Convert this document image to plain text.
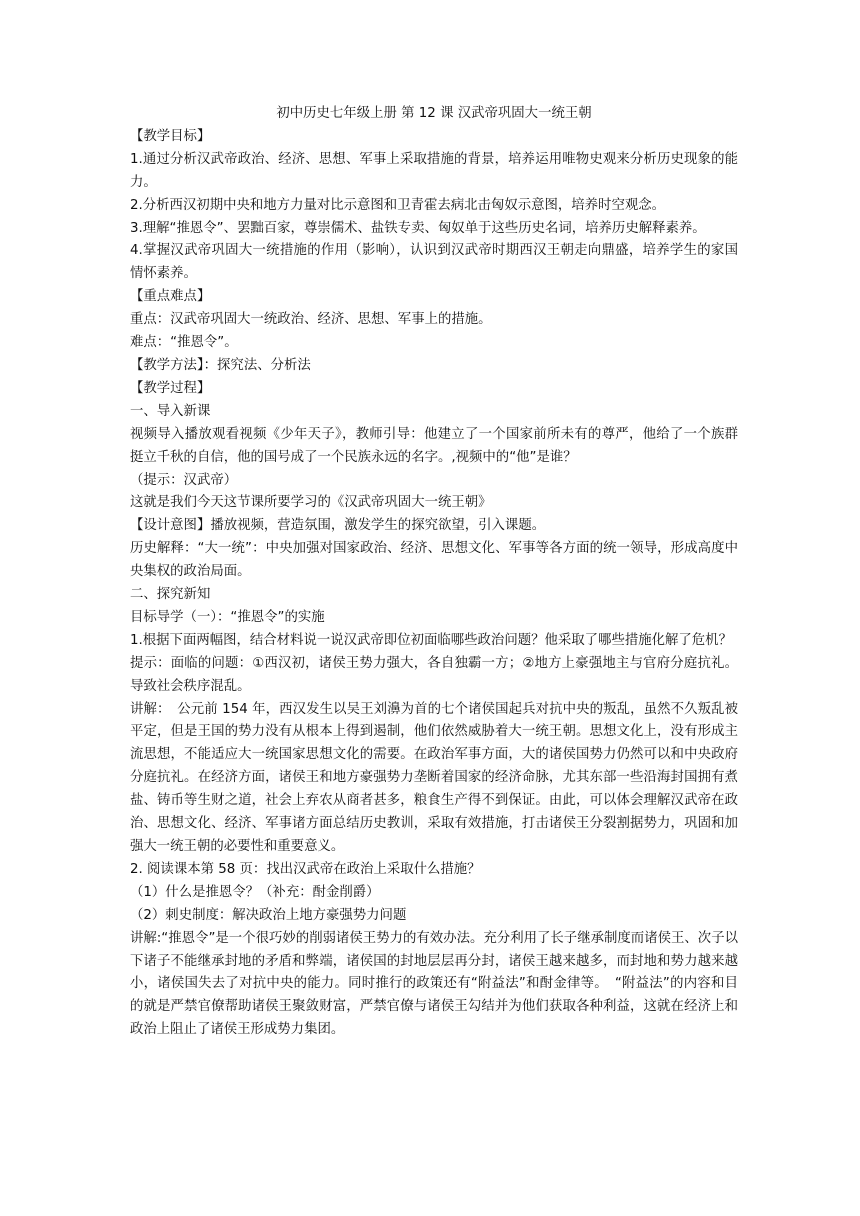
初中历史七年级上册 第 12 课 汉武帝巩固大一统王朝

【教学目标】

1.通过分析汉武帝政治、经济、思想、军事上采取措施的背景，培养运用唯物史观来分析历史现象的能力。

2.分析西汉初期中央和地方力量对比示意图和卫青霍去病北击匈奴示意图，培养时空观念。

3.理解“推恩令”、罢黜百家，尊崇儒术、盐铁专卖、匈奴单于这些历史名词，培养历史解释素养。

4.掌握汉武帝巩固大一统措施的作用（影响），认识到汉武帝时期西汉王朝走向鼎盛，培养学生的家国情怀素养。

【重点难点】

重点：汉武帝巩固大一统政治、经济、思想、军事上的措施。

难点：“推恩令”。

【教学方法】：探究法、分析法

【教学过程】

一、导入新课

视频导入播放观看视频《少年天子》，教师引导：他建立了一个国家前所未有的尊严，他给了一个族群挺立千秋的自信，他的国号成了一个民族永远的名字。,视频中的“他”是谁？

（提示：汉武帝）

这就是我们今天这节课所要学习的《汉武帝巩固大一统王朝》

【设计意图】播放视频，营造氛围，激发学生的探究欲望，引入课题。

历史解释：“大一统”：中央加强对国家政治、经济、思想文化、军事等各方面的统一领导，形成高度中央集权的政治局面。

二、探究新知

目标导学（一）：“推恩令”的实施

1.根据下面两幅图，结合材料说一说汉武帝即位初面临哪些政治问题？他采取了哪些措施化解了危机？

提示：面临的问题：①西汉初，诸侯王势力强大，各自独霸一方；②地方上豪强地主与官府分庭抗礼。导致社会秩序混乱。

讲解：　公元前 154 年，西汉发生以吴王刘濞为首的七个诸侯国起兵对抗中央的叛乱，虽然不久叛乱被平定，但是王国的势力没有从根本上得到遏制，他们依然威胁着大一统王朝。思想文化上，没有形成主流思想，不能适应大一统国家思想文化的需要。在政治军事方面，大的诸侯国势力仍然可以和中央政府分庭抗礼。在经济方面，诸侯王和地方豪强势力垄断着国家的经济命脉，尤其东部一些沿海封国拥有煮盐、铸币等生财之道，社会上弃农从商者甚多，粮食生产得不到保证。由此，可以体会理解汉武帝在政治、思想文化、经济、军事诸方面总结历史教训，采取有效措施，打击诸侯王分裂割据势力，巩固和加强大一统王朝的必要性和重要意义。

2. 阅读课本第 58 页：找出汉武帝在政治上采取什么措施？

（1）什么是推恩令？（补充：酎金削爵）

（2）刺史制度：解决政治上地方豪强势力问题

讲解:“推恩令”是一个很巧妙的削弱诸侯王势力的有效办法。充分利用了长子继承制度而诸侯王、次子以下诸子不能继承封地的矛盾和弊端，诸侯国的封地层层再分封，诸侯王越来越多，而封地和势力越来越小，诸侯国失去了对抗中央的能力。同时推行的政策还有“附益法”和酎金律等。　“附益法”的内容和目的就是严禁官僚帮助诸侯王聚敛财富，严禁官僚与诸侯王勾结并为他们获取各种利益，这就在经济上和政治上阻止了诸侯王形成势力集团。
